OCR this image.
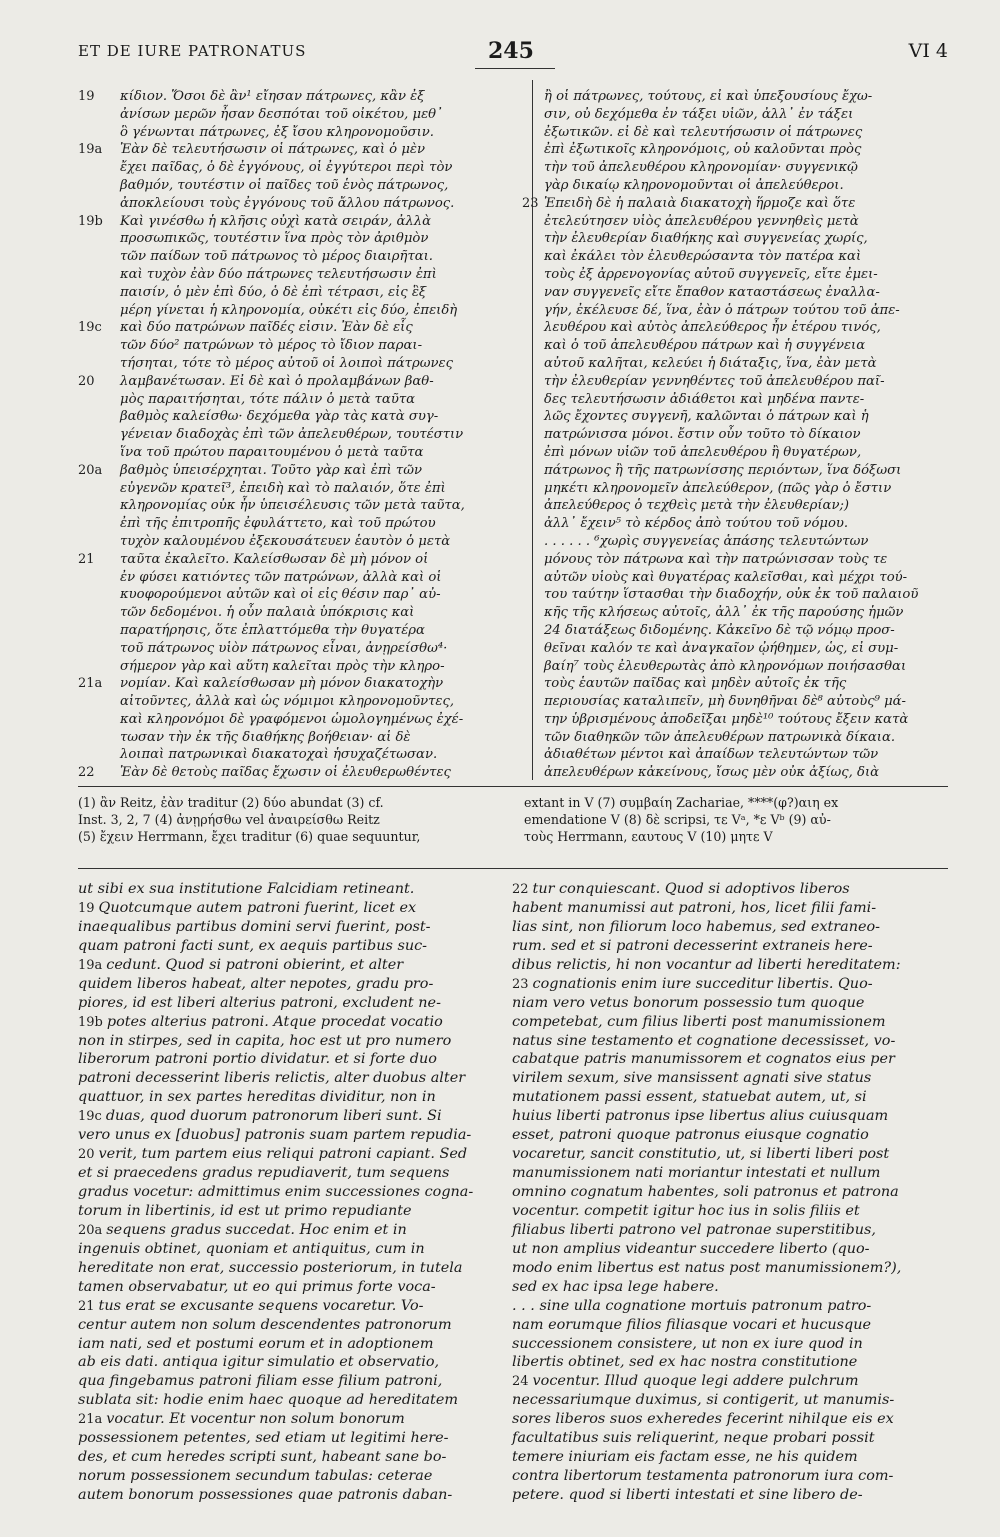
ET DE IURE PATRONATUS	245	VI 4
19 κίδιον. Ὅσοι δὲ ἂν¹ εἴησαν πάτρωνες, κἂν ἐξ
ἀνίσων μερῶν ἦσαν δεσπόται τοῦ οἰκέτου, μεθ᾽
ὃ γένωνται πάτρωνες, ἐξ ἴσου κληρονομοῦσιν.
19a Ἐὰν δὲ τελευτήσωσιν οἱ πάτρωνες, καὶ ὁ μὲν
ἔχει παῖδας, ὁ δὲ ἐγγόνους, οἱ ἐγγύτεροι περὶ τὸν
βαθμόν, τουτέστιν οἱ παῖδες τοῦ ἑνὸς πάτρωνος,
ἀποκλείουσι τοὺς ἐγγόνους τοῦ ἄλλου πάτρωνος.
19b Καὶ γινέσθω ἡ κλῆσις οὐχὶ κατὰ σειράν, ἀλλὰ
προσωπικῶς, τουτέστιν ἵνα πρὸς τὸν ἀριθμὸν
τῶν παίδων τοῦ πάτρωνος τὸ μέρος διαιρῆται.
καὶ τυχὸν ἐὰν δύο πάτρωνες τελευτήσωσιν ἐπὶ
παισίν, ὁ μὲν ἐπὶ δύο, ὁ δὲ ἐπὶ τέτρασι, εἰς ἓξ
μέρη γίνεται ἡ κληρονομία, οὐκέτι εἰς δύο, ἐπειδὴ
19c καὶ δύο πατρώνων παῖδές εἰσιν. Ἐὰν δὲ εἷς
τῶν δύο² πατρώνων τὸ μέρος τὸ ἴδιον παραι-
τήσηται, τότε τὸ μέρος αὐτοῦ οἱ λοιποὶ πάτρωνες
20 λαμβανέτωσαν. Εἰ δὲ καὶ ὁ προλαμβάνων βαθ-
μὸς παραιτήσηται, τότε πάλιν ὁ μετὰ ταῦτα
βαθμὸς καλείσθω· δεχόμεθα γὰρ τὰς κατὰ συγ-
γένειαν διαδοχὰς ἐπὶ τῶν ἀπελευθέρων, τουτέστιν
ἵνα τοῦ πρώτου παραιτουμένου ὁ μετὰ ταῦτα
20a βαθμὸς ὑπεισέρχηται. Τοῦτο γὰρ καὶ ἐπὶ τῶν
εὐγενῶν κρατεῖ³, ἐπειδὴ καὶ τὸ παλαιόν, ὅτε ἐπὶ
κληρονομίας οὐκ ἦν ὑπεισέλευσις τῶν μετὰ ταῦτα,
ἐπὶ τῆς ἐπιτροπῆς ἐφυλάττετο, καὶ τοῦ πρώτου
τυχὸν καλουμένου ἐξεκουσάτευεν ἑαυτὸν ὁ μετὰ
21 ταῦτα ἐκαλεῖτο. Καλείσθωσαν δὲ μὴ μόνον οἱ
ἐν φύσει κατιόντες τῶν πατρώνων, ἀλλὰ καὶ οἱ
κυοφορούμενοι αὐτῶν καὶ οἱ εἰς θέσιν παρ᾽ αὐ-
τῶν δεδομένοι. ἡ οὖν παλαιὰ ὑπόκρισις καὶ
παρατήρησις, ὅτε ἐπλαττόμεθα τὴν θυγατέρα
τοῦ πάτρωνος υἱὸν πάτρωνος εἶναι, ἀνῃρείσθω⁴·
σήμερον γὰρ καὶ αὕτη καλεῖται πρὸς τὴν κληρο-
21a νομίαν. Καὶ καλείσθωσαν μὴ μόνον διακατοχὴν
αἰτοῦντες, ἀλλὰ καὶ ὡς νόμιμοι κληρονομοῦντες,
καὶ κληρονόμοι δὲ γραφόμενοι ὡμολογημένως ἐχέ-
τωσαν τὴν ἐκ τῆς διαθήκης βοήθειαν· αἱ δὲ
λοιπαὶ πατρωνικαὶ διακατοχαὶ ἡσυχαζέτωσαν.
22 Ἐὰν δὲ θετοὺς παῖδας ἔχωσιν οἱ ἐλευθερωθέντες
ἢ οἱ πάτρωνες, τούτους, εἰ καὶ ὑπεξουσίους ἔχω-
σιν, οὐ δεχόμεθα ἐν τάξει υἱῶν, ἀλλ᾽ ἐν τάξει
ἐξωτικῶν. εἰ δὲ καὶ τελευτήσωσιν οἱ πάτρωνες
ἐπὶ ἐξωτικοῖς κληρονόμοις, οὐ καλοῦνται πρὸς
τὴν τοῦ ἀπελευθέρου κληρονομίαν· συγγενικῷ
γὰρ δικαίῳ κληρονομοῦνται οἱ ἀπελεύθεροι.
23 Ἐπειδὴ δὲ ἡ παλαιὰ διακατοχὴ ἥρμοζε καὶ ὅτε
ἐτελεύτησεν υἱὸς ἀπελευθέρου γεννηθεὶς μετὰ
τὴν ἐλευθερίαν διαθήκης καὶ συγγενείας χωρίς,
καὶ ἐκάλει τὸν ἐλευθερώσαντα τὸν πατέρα καὶ
τοὺς ἐξ ἀρρενογονίας αὐτοῦ συγγενεῖς, εἴτε ἐμει-
ναν συγγενεῖς εἴτε ἔπαθον καταστάσεως ἐναλλα-
γήν, ἐκέλευσε δέ, ἵνα, ἐὰν ὁ πάτρων τούτου τοῦ ἀπε-
λευθέρου καὶ αὐτὸς ἀπελεύθερος ἦν ἑτέρου τινός,
καὶ ὁ τοῦ ἀπελευθέρου πάτρων καὶ ἡ συγγένεια
αὐτοῦ καλῆται, κελεύει ἡ διάταξις, ἵνα, ἐὰν μετὰ
τὴν ἐλευθερίαν γεννηθέντες τοῦ ἀπελευθέρου παῖ-
δες τελευτήσωσιν ἀδιάθετοι καὶ μηδένα παντε-
λῶς ἔχοντες συγγενῆ, καλῶνται ὁ πάτρων καὶ ἡ
πατρώνισσα μόνοι. ἔστιν οὖν τοῦτο τὸ δίκαιον
ἐπὶ μόνων υἱῶν τοῦ ἀπελευθέρου ἢ θυγατέρων,
πάτρωνος ἢ τῆς πατρωνίσσης περιόντων, ἵνα δόξωσι
μηκέτι κληρονομεῖν ἀπελεύθερον, (πῶς γὰρ ὁ ἔστιν
ἀπελεύθερος ὁ τεχθεὶς μετὰ τὴν ἐλευθερίαν;)
ἀλλ᾽ ἔχειν⁵ τὸ κέρδος ἀπὸ τούτου τοῦ νόμου.
. . . . . . ⁶χωρὶς συγγενείας ἁπάσης τελευτώντων
μόνους τὸν πάτρωνα καὶ τὴν πατρώνισσαν τοὺς τε
αὐτῶν υἱοὺς καὶ θυγατέρας καλεῖσθαι, καὶ μέχρι τού-
του ταύτην ἵστασθαι τὴν διαδοχήν, οὐκ ἐκ τοῦ παλαιοῦ
κῆς τῆς κλήσεως αὐτοῖς, ἀλλ᾽ ἐκ τῆς παρούσης ἡμῶν
24 διατάξεως διδομένης. Κἀκεῖνο δὲ τῷ νόμῳ προσ-
θεῖναι καλόν τε καὶ ἀναγκαῖον ᾠήθημεν, ὡς, εἰ συμ-
βαίη⁷ τοὺς ἐλευθερωτὰς ἀπὸ κληρονόμων ποιήσασθαι
τοὺς ἑαυτῶν παῖδας καὶ μηδὲν αὐτοῖς ἐκ τῆς
περιουσίας καταλιπεῖν, μὴ δυνηθῆναι δὲ⁸ αὐτοὺς⁹ μά-
την ὑβρισμένους ἀποδεῖξαι μηδὲ¹⁰ τούτους ἔξειν κατὰ
τῶν διαθηκῶν τῶν ἀπελευθέρων πατρωνικὰ δίκαια.
ἀδιαθέτων μέντοι καὶ ἀπαίδων τελευτώντων τῶν
ἀπελευθέρων κἀκείνους, ἴσως μὲν οὐκ ἀξίως, διὰ
(1) ἂν Reitz, ἐὰν traditur (2) δύο abundat (3) cf.
Inst. 3, 2, 7 (4) ἀνῃρήσθω vel ἀναιρείσθω Reitz
(5) ἔχειν Herrmann, ἔχει traditur (6) quae sequuntur,
extant in V (7) συμβαίη Zachariae, ****(φ?)αιη ex
emendatione V (8) δὲ scripsi, τε Vᵃ, *ε Vᵇ (9) αὐ-
τοὺς Herrmann, εαυτους V (10) μητε V
ut sibi ex sua institutione Falcidiam retineant.
19 Quotcumque autem patroni fuerint, licet ex
inaequalibus partibus domini servi fuerint, post-
quam patroni facti sunt, ex aequis partibus suc-
19a cedunt. Quod si patroni obierint, et alter
quidem liberos habeat, alter nepotes, gradu pro-
piores, id est liberi alterius patroni, excludent ne-
19b potes alterius patroni. Atque procedat vocatio
non in stirpes, sed in capita, hoc est ut pro numero
liberorum patroni portio dividatur. et si forte duo
patroni decesserint liberis relictis, alter duobus alter
quattuor, in sex partes hereditas dividitur, non in
19c duas, quod duorum patronorum liberi sunt. Si
vero unus ex [duobus] patronis suam partem repudia-
20 verit, tum partem eius reliqui patroni capiant. Sed
et si praecedens gradus repudiaverit, tum sequens
gradus vocetur: admittimus enim successiones cogna-
torum in libertinis, id est ut primo repudiante
20a sequens gradus succedat. Hoc enim et in
ingenuis obtinet, quoniam et antiquitus, cum in
hereditate non erat, successio posteriorum, in tutela
tamen observabatur, ut eo qui primus forte voca-
21 tus erat se excusante sequens vocaretur. Vo-
centur autem non solum descendentes patronorum
iam nati, sed et postumi eorum et in adoptionem
ab eis dati. antiqua igitur simulatio et observatio,
qua fingebamus patroni filiam esse filium patroni,
sublata sit: hodie enim haec quoque ad hereditatem
21a vocatur. Et vocentur non solum bonorum
possessionem petentes, sed etiam ut legitimi here-
des, et cum heredes scripti sunt, habeant sane bo-
norum possessionem secundum tabulas: ceterae
autem bonorum possessiones quae patronis daban-
22 tur conquiescant. Quod si adoptivos liberos
habent manumissi aut patroni, hos, licet filii fami-
lias sint, non filiorum loco habemus, sed extraneo-
rum. sed et si patroni decesserint extraneis here-
dibus relictis, hi non vocantur ad liberti hereditatem:
23 cognationis enim iure succeditur libertis. Quo-
niam vero vetus bonorum possessio tum quoque
competebat, cum filius liberti post manumissionem
natus sine testamento et cognatione decessisset, vo-
cabatque patris manumissorem et cognatos eius per
virilem sexum, sive mansissent agnati sive status
mutationem passi essent, statuebat autem, ut, si
huius liberti patronus ipse libertus alius cuiusquam
esset, patroni quoque patronus eiusque cognatio
vocaretur, sancit constitutio, ut, si liberti liberi post
manumissionem nati moriantur intestati et nullum
omnino cognatum habentes, soli patronus et patrona
vocentur. competit igitur hoc ius in solis filiis et
filiabus liberti patrono vel patronae superstitibus,
ut non amplius videantur succedere liberto (quo-
modo enim libertus est natus post manumissionem?),
sed ex hac ipsa lege habere.
. . . sine ulla cognatione mortuis patronum patro-
nam eorumque filios filiasque vocari et hucusque
successionem consistere, ut non ex iure quod in
libertis obtinet, sed ex hac nostra constitutione
24 vocentur. Illud quoque legi addere pulchrum
necessariumque duximus, si contigerit, ut manumis-
sores liberos suos exheredes fecerint nihilque eis ex
facultatibus suis reliquerint, neque probari possit
temere iniuriam eis factam esse, ne his quidem
contra libertorum testamenta patronorum iura com-
petere. quod si liberti intestati et sine libero de-
